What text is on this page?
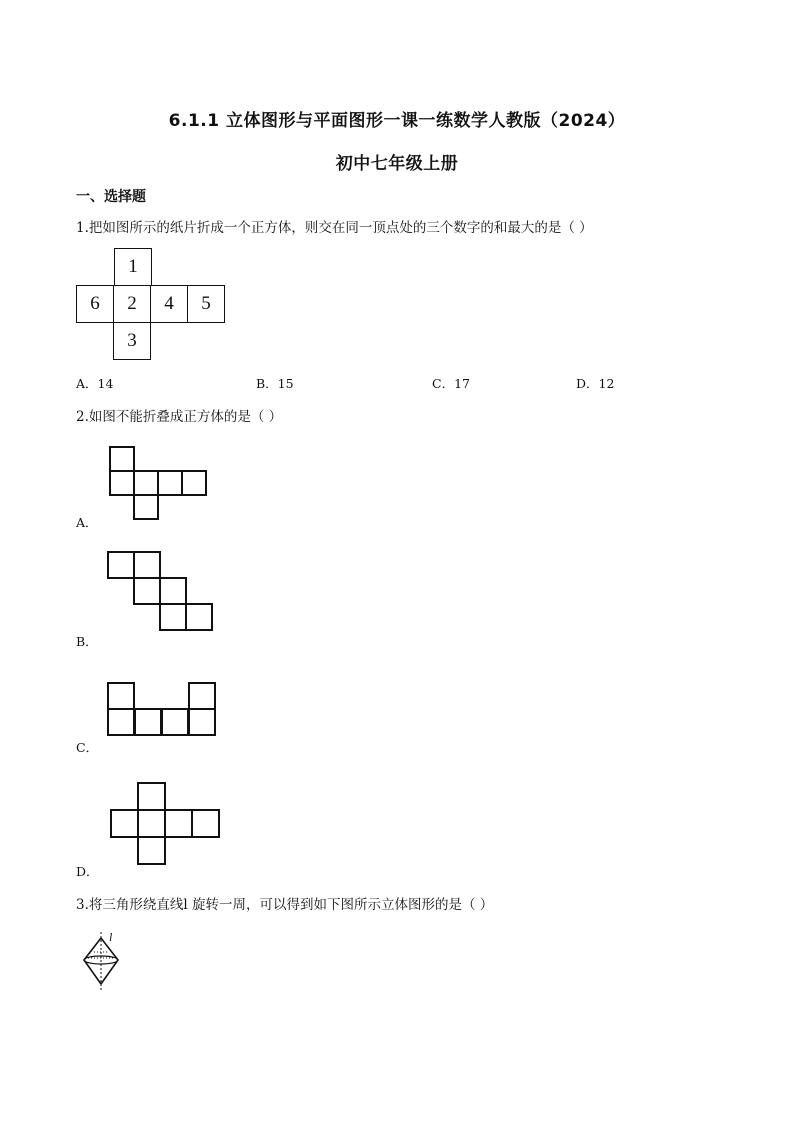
6.1.1 立体图形与平面图形一课一练数学人教版（2024）
初中七年级上册
一、选择题
1.把如图所示的纸片折成一个正方体，则交在同一顶点处的三个数字的和最大的是（ ）
1
6	2	4	5
3
A．14	B．15	C．17	D．12
2.如图不能折叠成正方体的是（ ）
A．
B．
C．
D．
3.将三角形绕直线l 旋转一周，可以得到如下图所示立体图形的是（ ）
l
